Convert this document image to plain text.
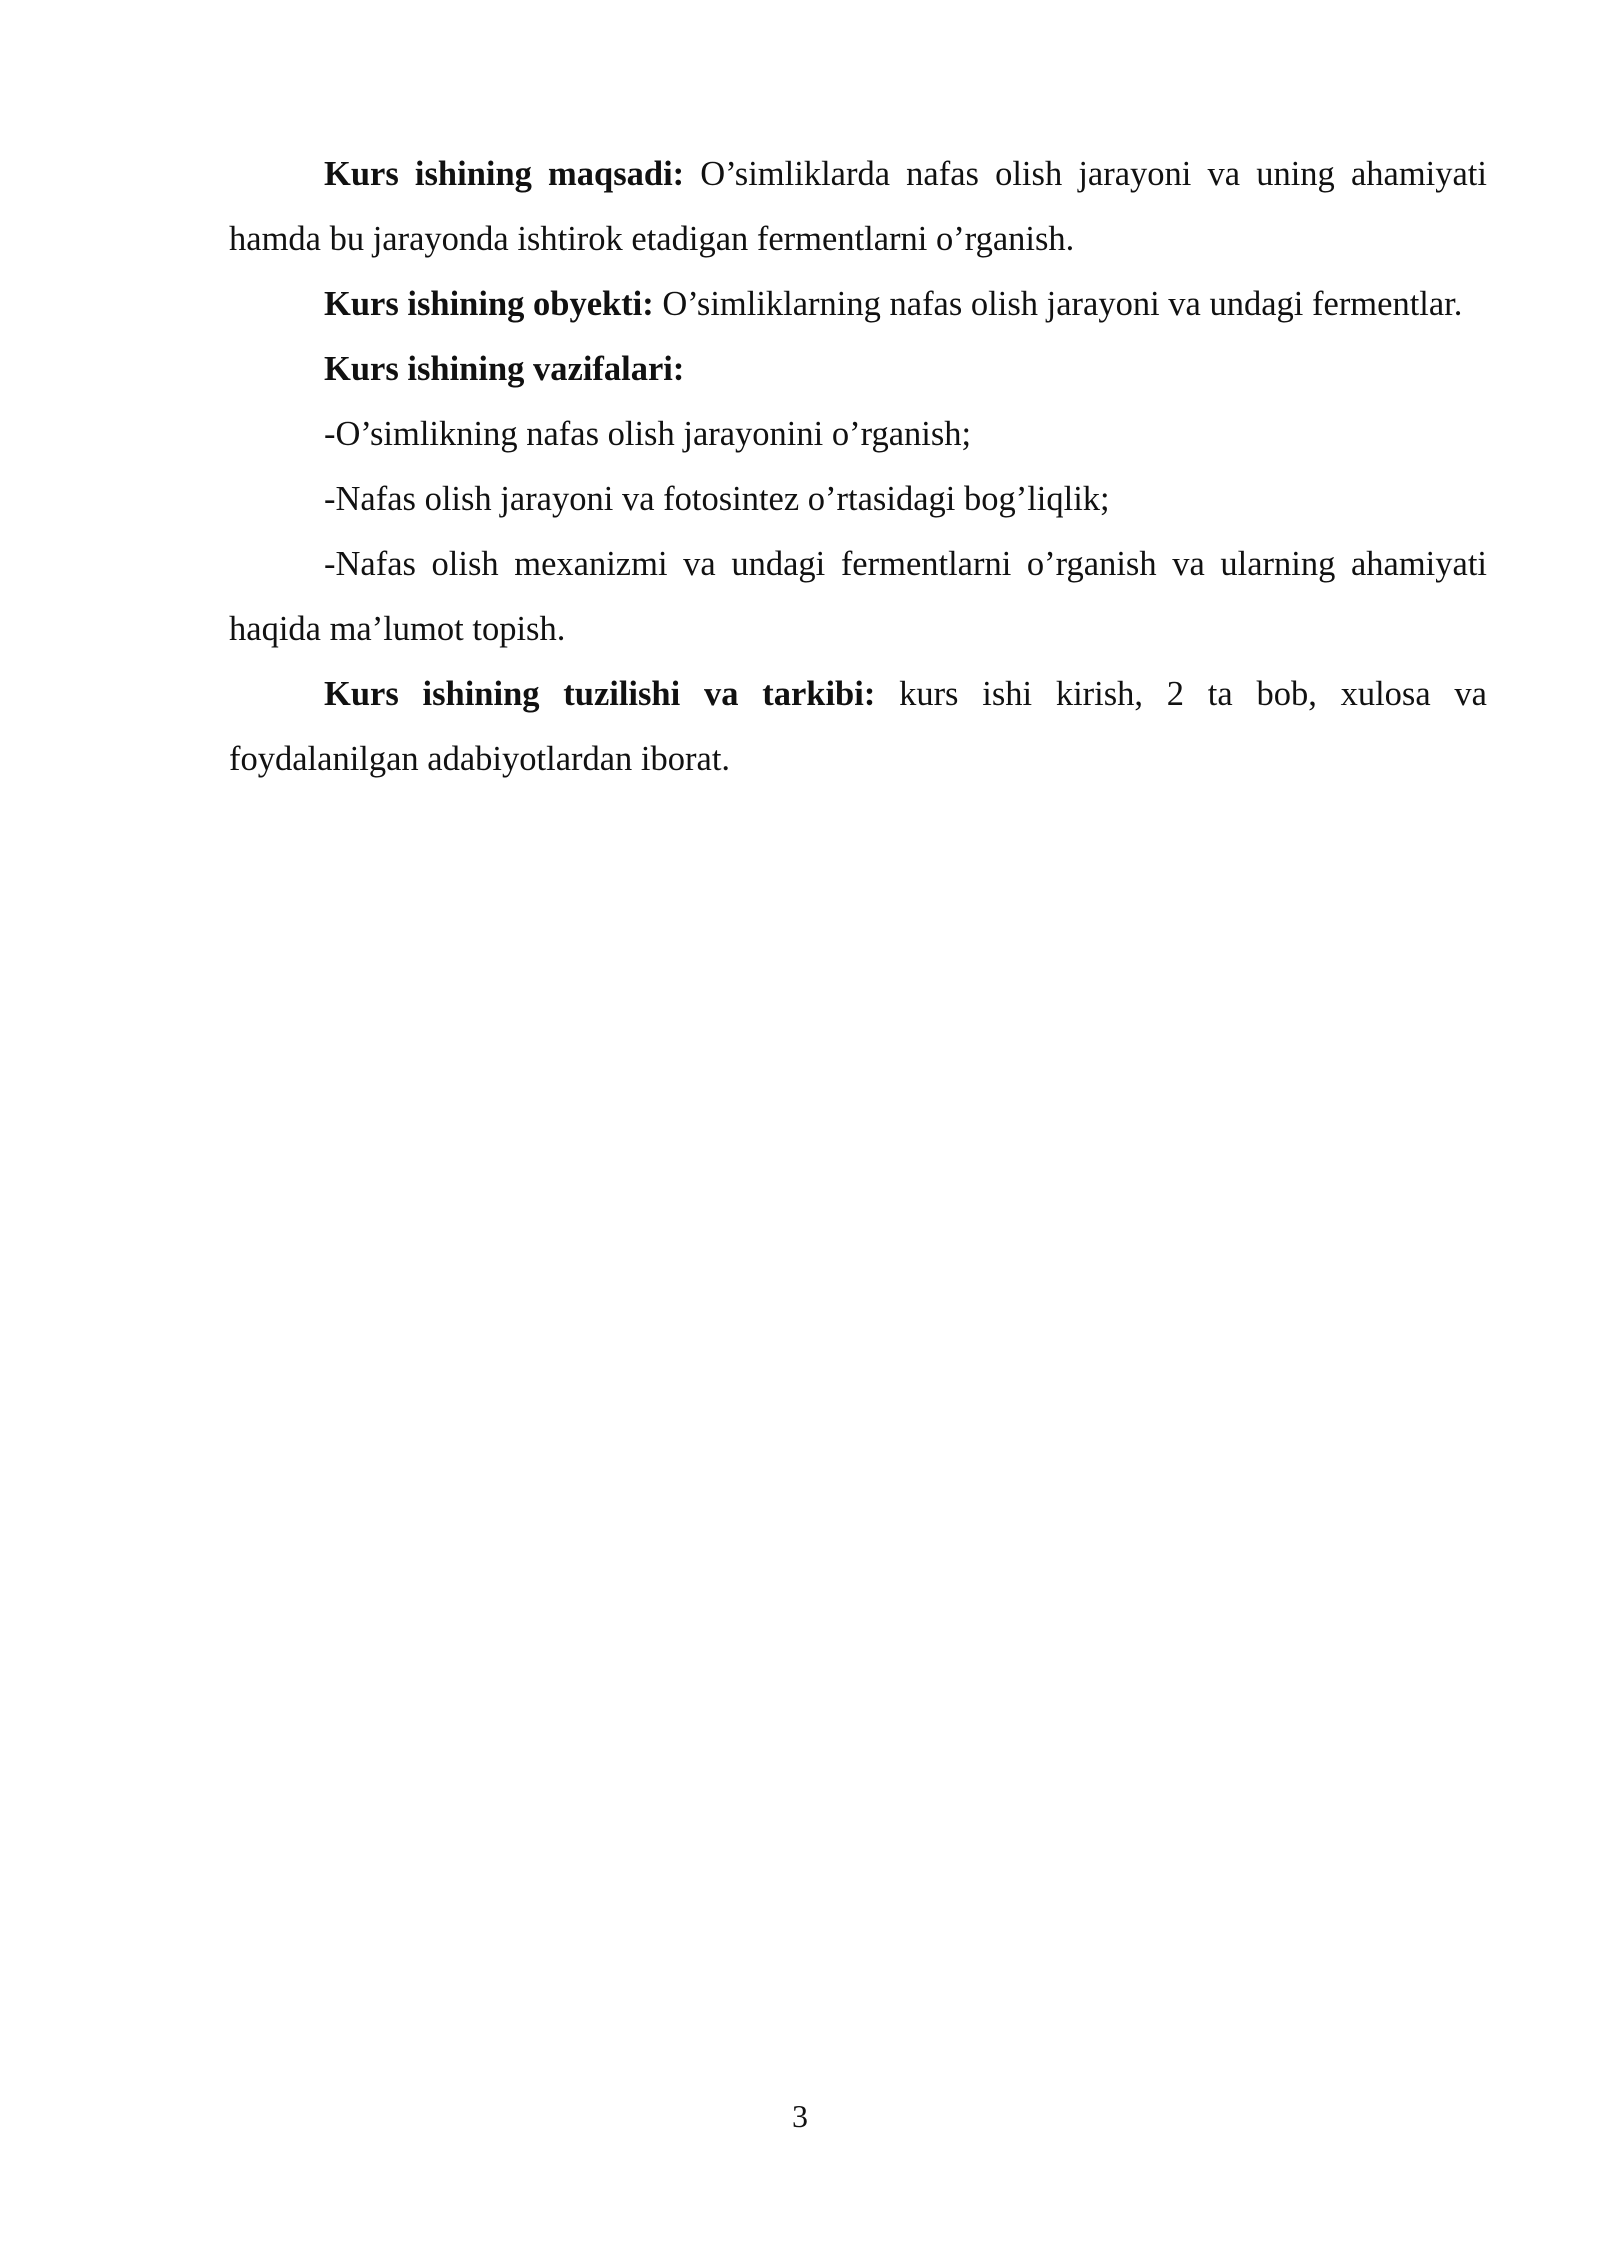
Kurs ishining maqsadi: O’simliklarda nafas olish jarayoni va uning ahamiyati hamda bu jarayonda ishtirok etadigan fermentlarni o’rganish.

Kurs ishining obyekti: O’simliklarning nafas olish jarayoni va undagi fermentlar.

Kurs ishining vazifalari:

-O’simlikning nafas olish jarayonini o’rganish;

-Nafas olish jarayoni va fotosintez o’rtasidagi bog’liqlik;

-Nafas olish mexanizmi va undagi fermentlarni o’rganish va ularning ahamiyati haqida ma’lumot topish.

Kurs ishining tuzilishi va tarkibi: kurs ishi kirish, 2 ta bob, xulosa va foydalanilgan adabiyotlardan iborat.

3
